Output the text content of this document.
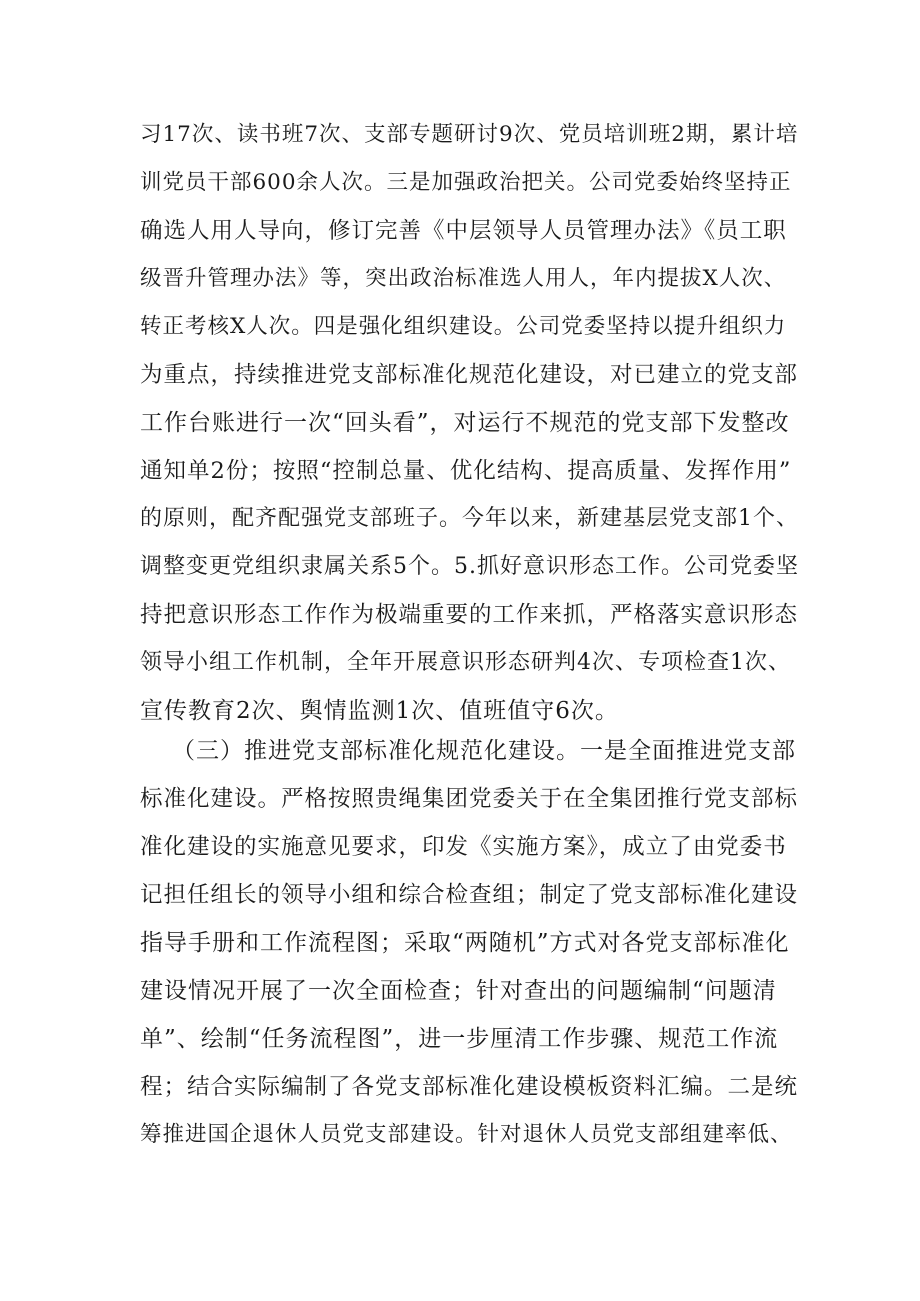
习17次、读书班7次、支部专题研讨9次、党员培训班2期，累计培
训党员干部600余人次。三是加强政治把关。公司党委始终坚持正
确选人用人导向，修订完善《中层领导人员管理办法》《员工职
级晋升管理办法》等，突出政治标准选人用人，年内提拔X人次、
转正考核X人次。四是强化组织建设。公司党委坚持以提升组织力
为重点，持续推进党支部标准化规范化建设，对已建立的党支部
工作台账进行一次“回头看”，对运行不规范的党支部下发整改
通知单2份；按照“控制总量、优化结构、提高质量、发挥作用”
的原则，配齐配强党支部班子。今年以来，新建基层党支部1个、
调整变更党组织隶属关系5个。5.抓好意识形态工作。公司党委坚
持把意识形态工作作为极端重要的工作来抓，严格落实意识形态
领导小组工作机制，全年开展意识形态研判4次、专项检查1次、
宣传教育2次、舆情监测1次、值班值守6次。
（三）推进党支部标准化规范化建设。一是全面推进党支部
标准化建设。严格按照贵绳集团党委关于在全集团推行党支部标
准化建设的实施意见要求，印发《实施方案》，成立了由党委书
记担任组长的领导小组和综合检查组；制定了党支部标准化建设
指导手册和工作流程图；采取“两随机”方式对各党支部标准化
建设情况开展了一次全面检查；针对查出的问题编制“问题清
单”、绘制“任务流程图”，进一步厘清工作步骤、规范工作流
程；结合实际编制了各党支部标准化建设模板资料汇编。二是统
筹推进国企退休人员党支部建设。针对退休人员党支部组建率低、
